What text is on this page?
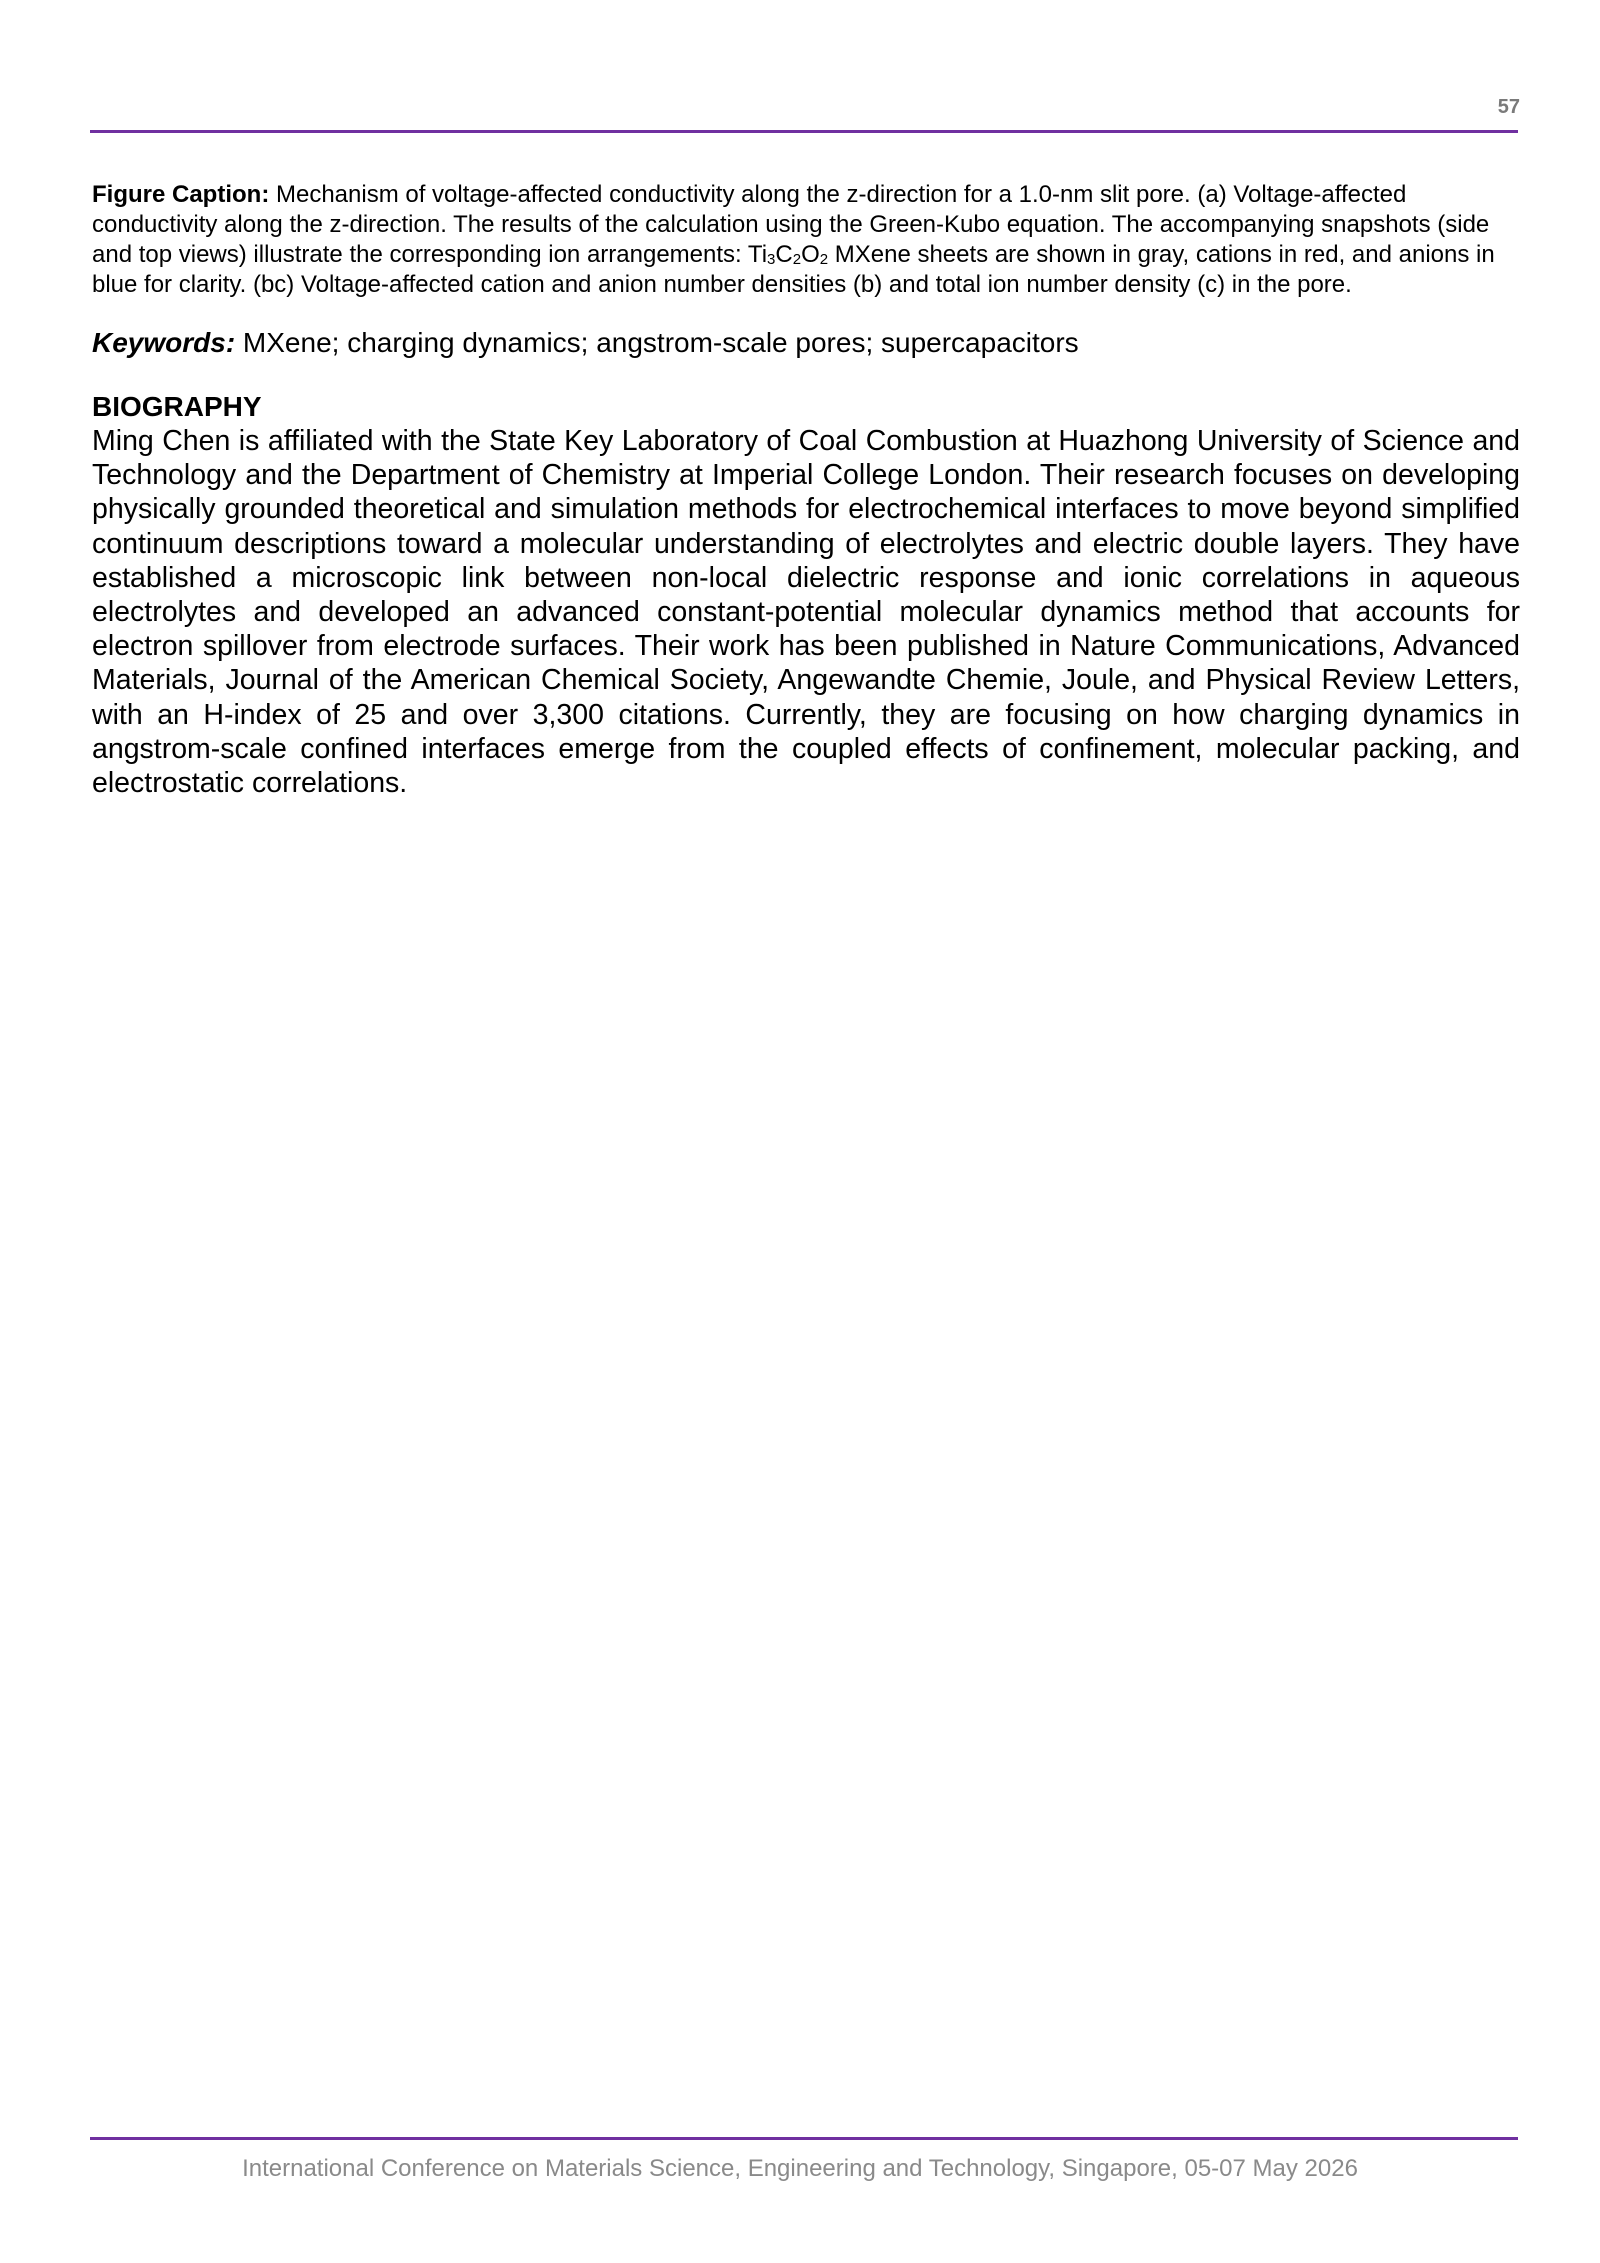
57

Figure Caption: Mechanism of voltage-affected conductivity along the z-direction for a 1.0-nm slit pore. (a) Voltage-affected conductivity along the z-direction. The results of the calculation using the Green-Kubo equation. The accompanying snapshots (side and top views) illustrate the corresponding ion arrangements: $Ti_3C_2O_2$ MXene sheets are shown in gray, cations in red, and anions in blue for clarity. (bc) Voltage-affected cation and anion number densities (b) and total ion number density (c) in the pore.

Keywords: MXene; charging dynamics; angstrom-scale pores; supercapacitors

BIOGRAPHY

Ming Chen is affiliated with the State Key Laboratory of Coal Combustion at Huazhong University of Science and Technology and the Department of Chemistry at Imperial College London. Their research focuses on developing physically grounded theoretical and simulation methods for electrochemical interfaces to move beyond simplified continuum descriptions toward a molecular understanding of electrolytes and electric double layers. They have established a microscopic link between non-local dielectric response and ionic correlations in aqueous electrolytes and developed an advanced constant-potential molecular dynamics method that accounts for electron spillover from electrode surfaces. Their work has been published in Nature Communications, Advanced Materials, Journal of the American Chemical Society, Angewandte Chemie, Joule, and Physical Review Letters, with an H-index of 25 and over 3,300 citations. Currently, they are focusing on how charging dynamics in angstrom-scale confined interfaces emerge from the coupled effects of confinement, molecular packing, and electrostatic correlations.

International Conference on Materials Science, Engineering and Technology, Singapore, 05-07 May 2026
